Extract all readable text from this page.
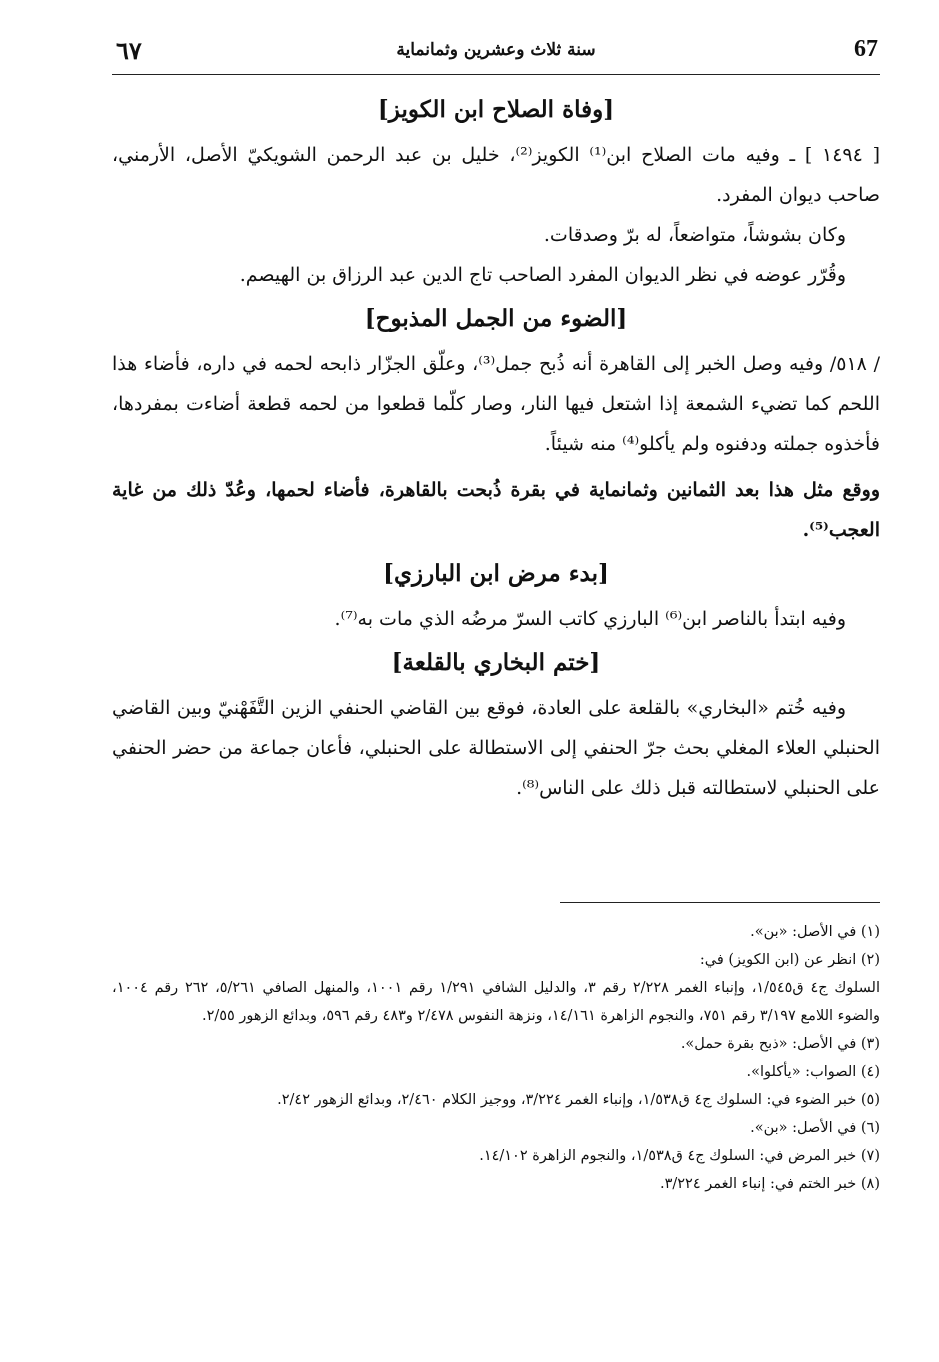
٦٧	سنة ثلاث وعشرين وثمانماية	67
[وفاة الصلاح ابن الكويز]

[ ١٤٩٤ ] ـ وفيه مات الصلاح ابن⁽¹⁾ الكويز⁽²⁾، خليل بن عبد الرحمن الشويكيّ الأصل، الأرمني، صاحب ديوان المفرد.

وكان بشوشاً، متواضعاً، له برّ وصدقات.

وقُرّر عوضه في نظر الديوان المفرد الصاحب تاج الدين عبد الرزاق بن الهيصم.

[الضوء من الجمل المذبوح]

/ ٥١٨/ وفيه وصل الخبر إلى القاهرة أنه ذُبح جمل⁽³⁾، وعلّق الجزّار ذابحه لحمه في داره، فأضاء هذا اللحم كما تضيء الشمعة إذا اشتعل فيها النار، وصار كلّما قطعوا من لحمه قطعة أضاءت بمفردها، فأخذوه جملته ودفنوه ولم يأكلو⁽⁴⁾ منه شيئاً.

ووقع مثل هذا بعد الثمانين وثمانماية في بقرة ذُبحت بالقاهرة، فأضاء لحمها، وعُدّ ذلك من غاية العجب⁽⁵⁾.

[بدء مرض ابن البارزي]

وفيه ابتدأ بالناصر ابن⁽⁶⁾ البارزي كاتب السرّ مرضُه الذي مات به⁽⁷⁾.

[ختم البخاري بالقلعة]

وفيه خُتم «البخاري» بالقلعة على العادة، فوقع بين القاضي الحنفي الزين التَّفَهْنيّ وبين القاضي الحنبلي العلاء المغلي بحث جرّ الحنفي إلى الاستطالة على الحنبلي، فأعان جماعة من حضر الحنفي على الحنبلي لاستطالته قبل ذلك على الناس⁽⁸⁾.

(١) في الأصل: «بن».

(٢) انظر عن (ابن الكويز) في:

السلوك ج٤ ق١/٥٤٥، وإنباء الغمر ٢/٢٢٨ رقم ٣، والدليل الشافي ١/٢٩١ رقم ١٠٠١، والمنهل الصافي ٥/٢٦١، ٢٦٢ رقم ١٠٠٤، والضوء اللامع ٣/١٩٧ رقم ٧٥١، والنجوم الزاهرة ١٤/١٦١، ونزهة النفوس ٢/٤٧٨ و٤٨٣ رقم ٥٩٦، وبدائع الزهور ٢/٥٥.

(٣) في الأصل: «ذبح بقرة حمل».

(٤) الصواب: «يأكلوا».

(٥) خبر الضوء في: السلوك ج٤ ق١/٥٣٨، وإنباء الغمر ٣/٢٢٤، ووجيز الكلام ٢/٤٦٠، وبدائع الزهور ٢/٤٢.

(٦) في الأصل: «بن».

(٧) خبر المرض في: السلوك ج٤ ق١/٥٣٨، والنجوم الزاهرة ١٤/١٠٢.

(٨) خبر الختم في: إنباء الغمر ٣/٢٢٤.
